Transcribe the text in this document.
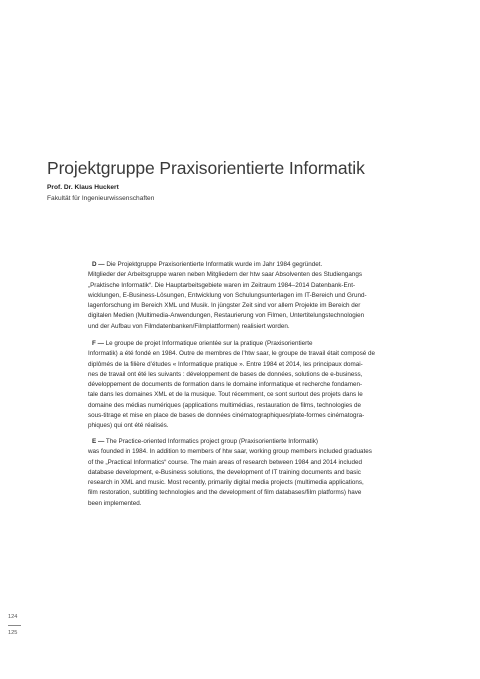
Projektgruppe Praxisorientierte Informatik
Prof. Dr. Klaus Huckert
Fakultät für Ingenieurwissenschaften

D — Die Projektgruppe Praxisorientierte Informatik wurde im Jahr 1984 gegründet.
Mitglieder der Arbeitsgruppe waren neben Mitgliedern der htw saar Absolventen des Studiengangs
„Praktische Informatik“. Die Hauptarbeitsgebiete waren im Zeitraum 1984–2014 Datenbank-Ent-
wicklungen, E-Business-Lösungen, Entwicklung von Schulungsunterlagen im IT-Bereich und Grund-
lagenforschung im Bereich XML und Musik. In jüngster Zeit sind vor allem Projekte im Bereich der
digitalen Medien (Multimedia-Anwendungen, Restaurierung von Filmen, Untertitelungstechnologien
und der Aufbau von Filmdatenbanken/Filmplattformen) realisiert worden.

F — Le groupe de projet Informatique orientée sur la pratique (Praxisorientierte
Informatik) a été fondé en 1984. Outre de membres de l’htw saar, le groupe de travail était composé de
diplômés de la filière d’études « Informatique pratique ». Entre 1984 et 2014, les principaux domai-
nes de travail ont été les suivants : développement de bases de données, solutions de e-business,
développement de documents de formation dans le domaine informatique et recherche fondamen-
tale dans les domaines XML et de la musique. Tout récemment, ce sont surtout des projets dans le
domaine des médias numériques (applications multimédias, restauration de films, technologies de
sous-titrage et mise en place de bases de données cinématographiques/plate-formes cinématogra-
phiques) qui ont été réalisés.

E — The Practice-oriented Informatics project group (Praxisorientierte Informatik)
was founded in 1984. In addition to members of htw saar, working group members included graduates
of the „Practical Informatics“ course. The main areas of research between 1984 and 2014 included
database development, e-Business solutions, the development of IT training documents and basic
research in XML and music. Most recently, primarily digital media projects (multimedia applications,
film restoration, subtitling technologies and the development of film databases/film platforms) have
been implemented.

124
125
